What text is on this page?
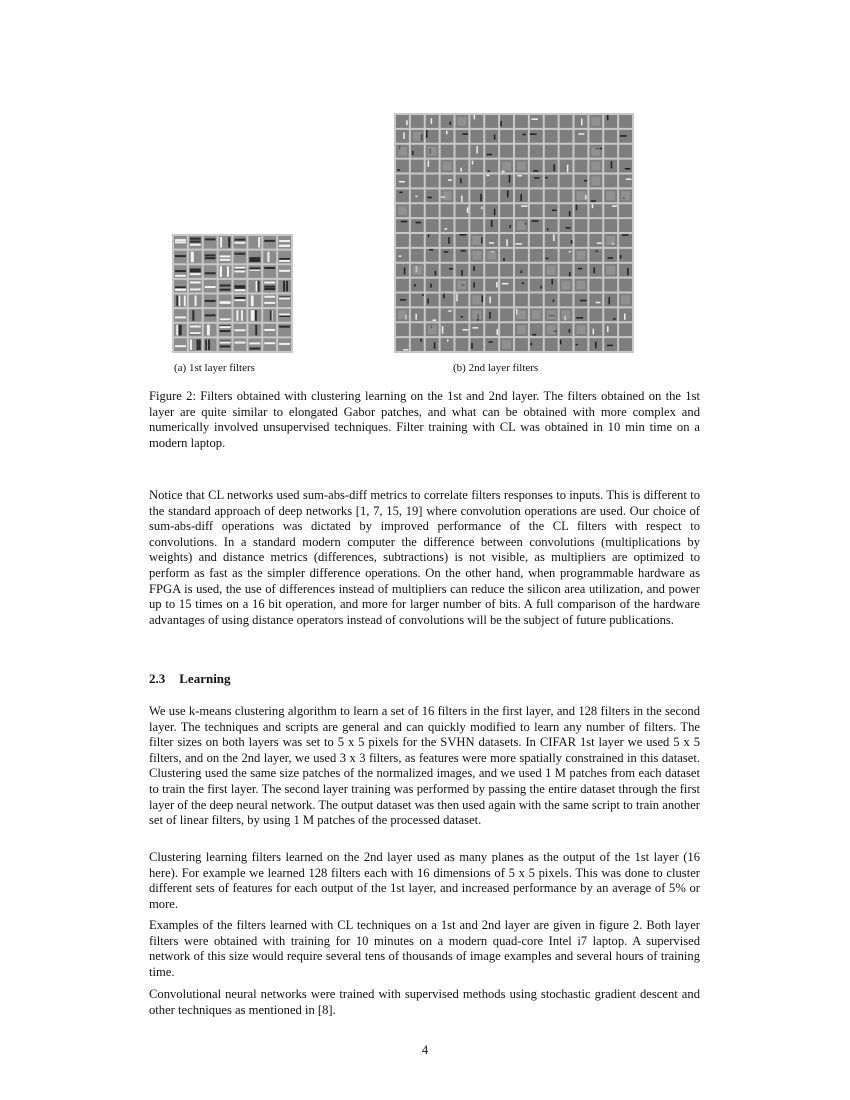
(a) 1st layer filters	(b) 2nd layer filters

Figure 2: Filters obtained with clustering learning on the 1st and 2nd layer. The filters obtained on the 1st layer are quite similar to elongated Gabor patches, and what can be obtained with more complex and numerically involved unsupervised techniques. Filter training with CL was obtained in 10 min time on a modern laptop.

Notice that CL networks used sum-abs-diff metrics to correlate filters responses to inputs. This is different to the standard approach of deep networks [1, 7, 15, 19] where convolution operations are used. Our choice of sum-abs-diff operations was dictated by improved performance of the CL filters with respect to convolutions. In a standard modern computer the difference between convolutions (multiplications by weights) and distance metrics (differences, subtractions) is not visible, as multipliers are optimized to perform as fast as the simpler difference operations. On the other hand, when programmable hardware as FPGA is used, the use of differences instead of multipliers can reduce the silicon area utilization, and power up to 15 times on a 16 bit operation, and more for larger number of bits. A full comparison of the hardware advantages of using distance operators instead of convolutions will be the subject of future publications.

2.3 Learning

We use k-means clustering algorithm to learn a set of 16 filters in the first layer, and 128 filters in the second layer. The techniques and scripts are general and can quickly modified to learn any number of filters. The filter sizes on both layers was set to 5 x 5 pixels for the SVHN datasets. In CIFAR 1st layer we used 5 x 5 filters, and on the 2nd layer, we used 3 x 3 filters, as features were more spatially constrained in this dataset. Clustering used the same size patches of the normalized images, and we used 1 M patches from each dataset to train the first layer. The second layer training was performed by passing the entire dataset through the first layer of the deep neural network. The output dataset was then used again with the same script to train another set of linear filters, by using 1 M patches of the processed dataset.

Clustering learning filters learned on the 2nd layer used as many planes as the output of the 1st layer (16 here). For example we learned 128 filters each with 16 dimensions of 5 x 5 pixels. This was done to cluster different sets of features for each output of the 1st layer, and increased performance by an average of 5% or more.

Examples of the filters learned with CL techniques on a 1st and 2nd layer are given in figure 2. Both layer filters were obtained with training for 10 minutes on a modern quad-core Intel i7 laptop. A supervised network of this size would require several tens of thousands of image examples and several hours of training time.

Convolutional neural networks were trained with supervised methods using stochastic gradient descent and other techniques as mentioned in [8].

4
